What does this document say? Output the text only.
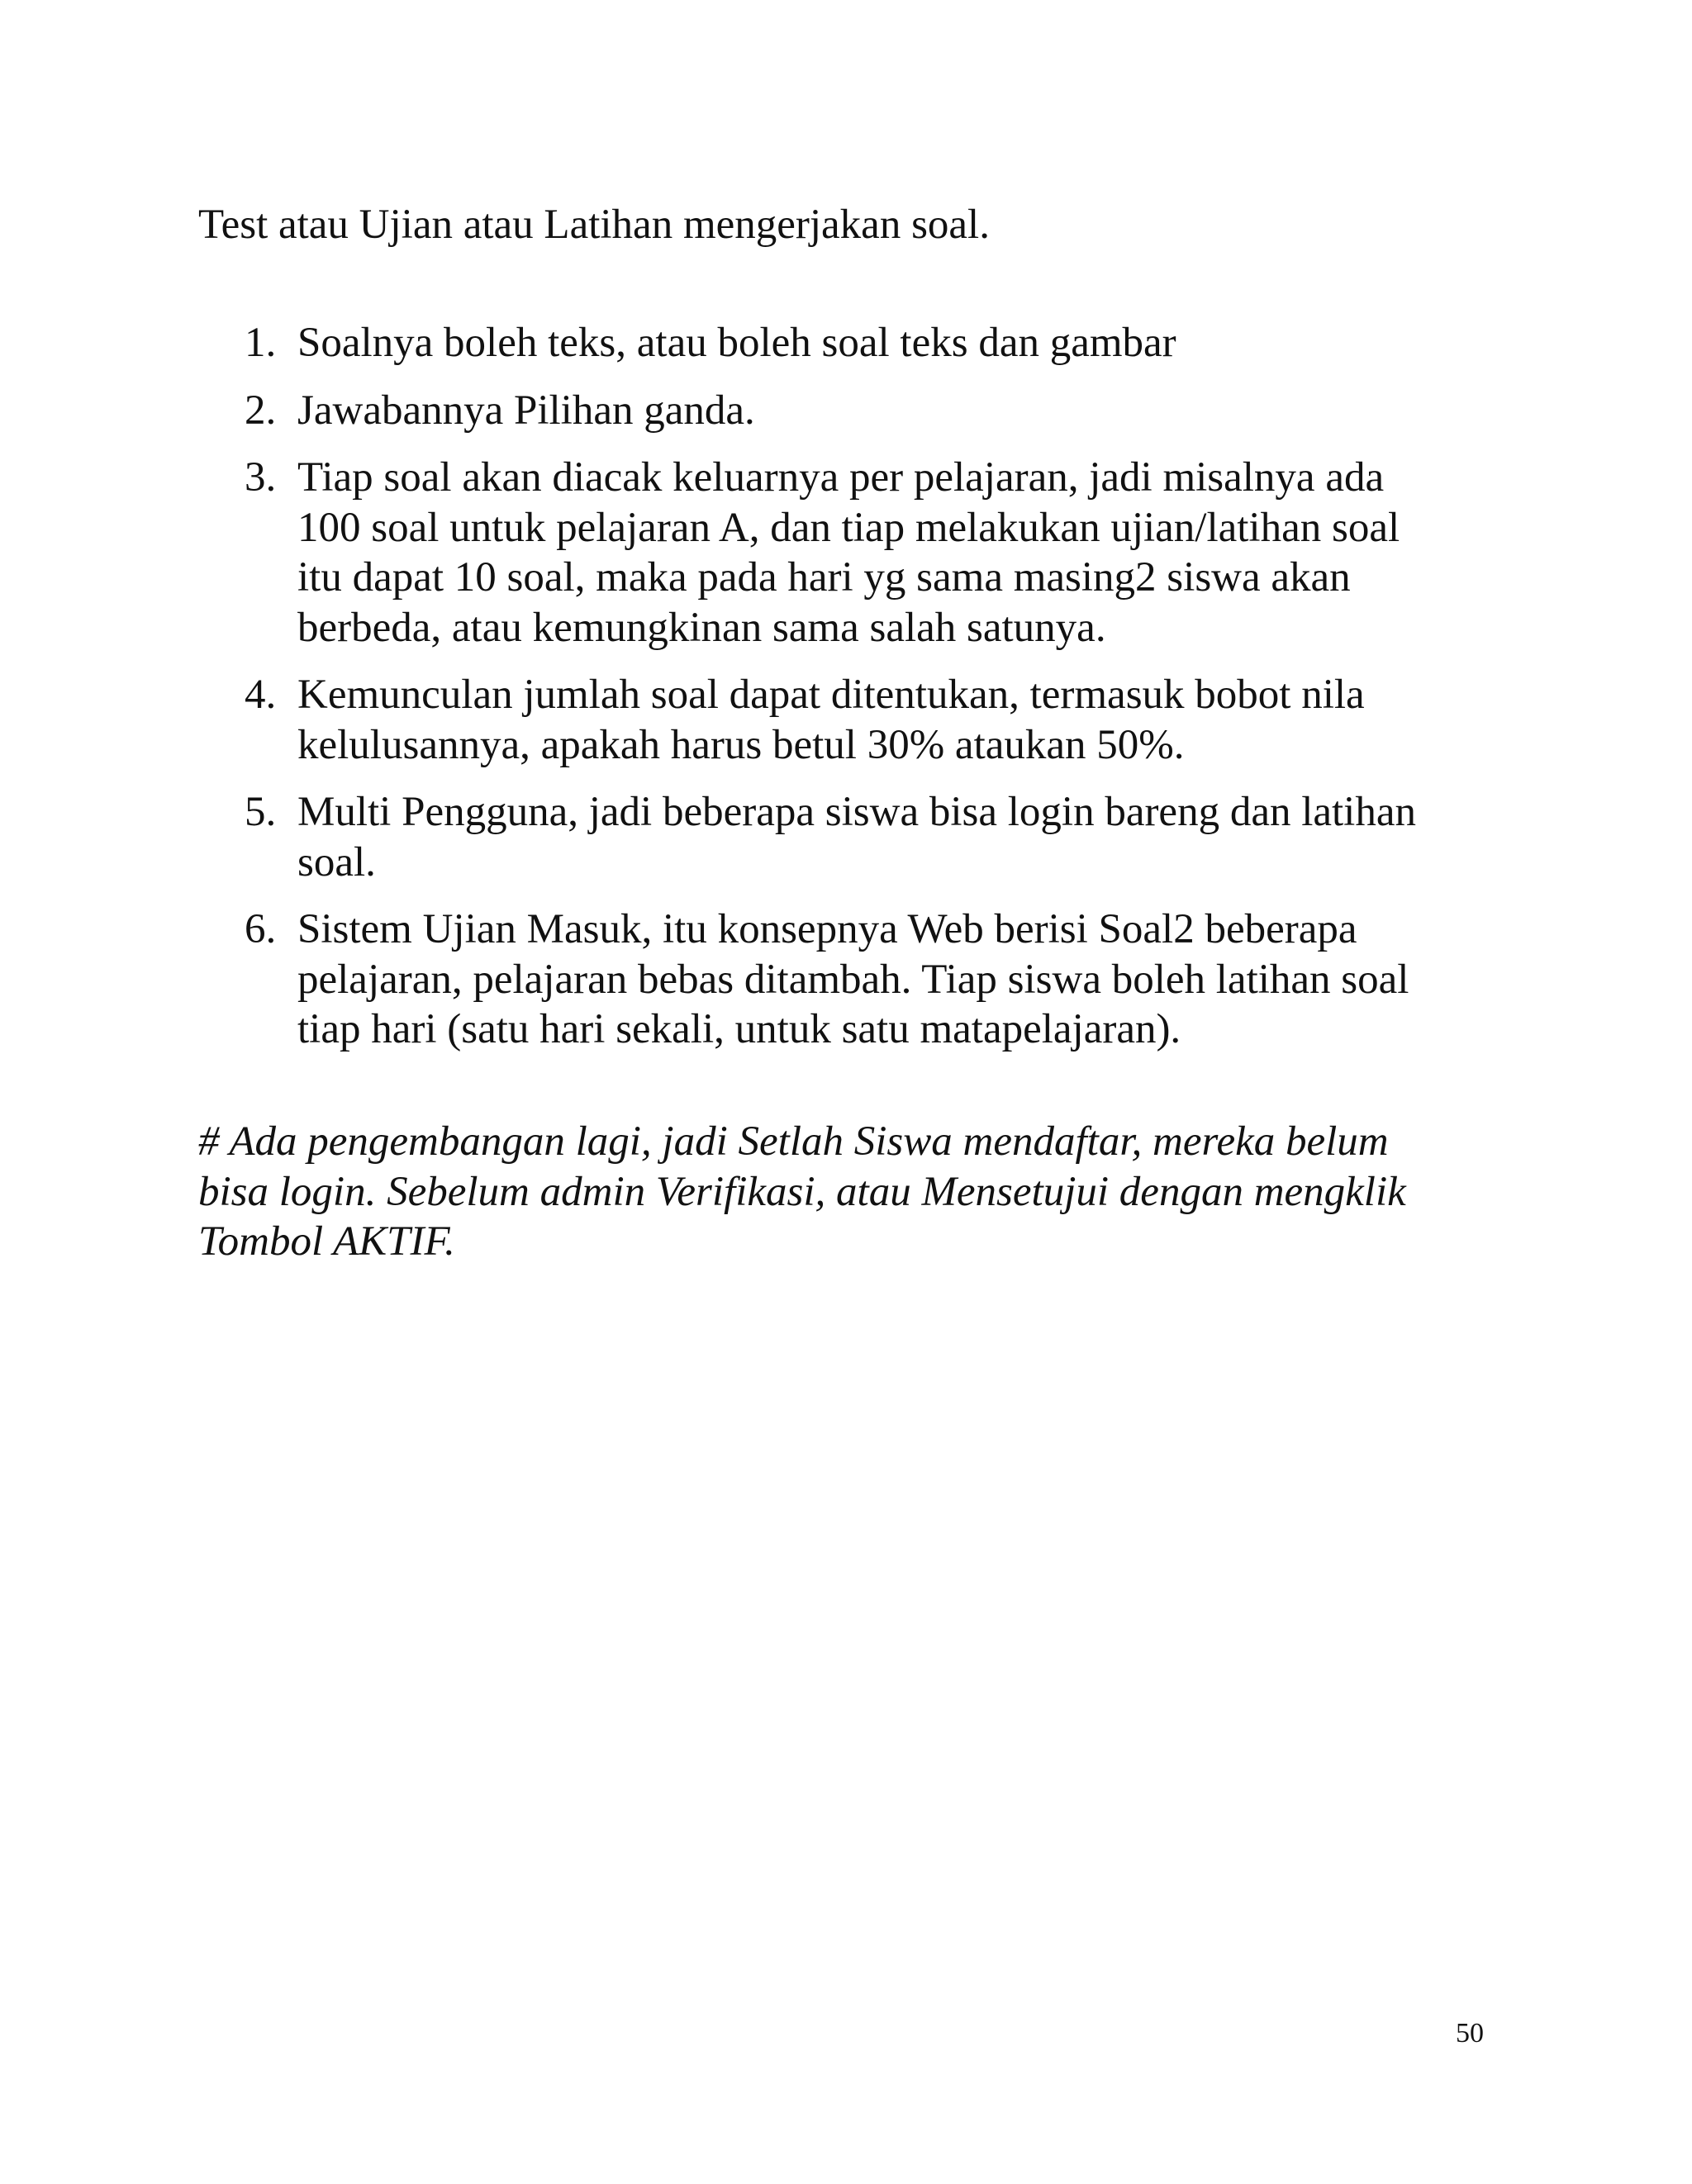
Test atau Ujian atau Latihan mengerjakan soal.

1. Soalnya boleh teks, atau boleh soal teks dan gambar
2. Jawabannya Pilihan ganda.
3. Tiap soal akan diacak keluarnya per pelajaran, jadi misalnya ada
100 soal untuk pelajaran A, dan tiap melakukan ujian/latihan soal
itu dapat 10 soal, maka pada hari yg sama masing2 siswa akan
berbeda, atau kemungkinan sama salah satunya.
4. Kemunculan jumlah soal dapat ditentukan, termasuk bobot nila
kelulusannya, apakah harus betul 30% ataukan 50%.
5. Multi Pengguna, jadi beberapa siswa bisa login bareng dan latihan
soal.
6. Sistem Ujian Masuk, itu konsepnya Web berisi Soal2 beberapa
pelajaran, pelajaran bebas ditambah. Tiap siswa boleh latihan soal
tiap hari (satu hari sekali, untuk satu matapelajaran).

# Ada pengembangan lagi, jadi Setlah Siswa mendaftar, mereka belum
bisa login. Sebelum admin Verifikasi, atau Mensetujui dengan mengklik
Tombol AKTIF.

50
